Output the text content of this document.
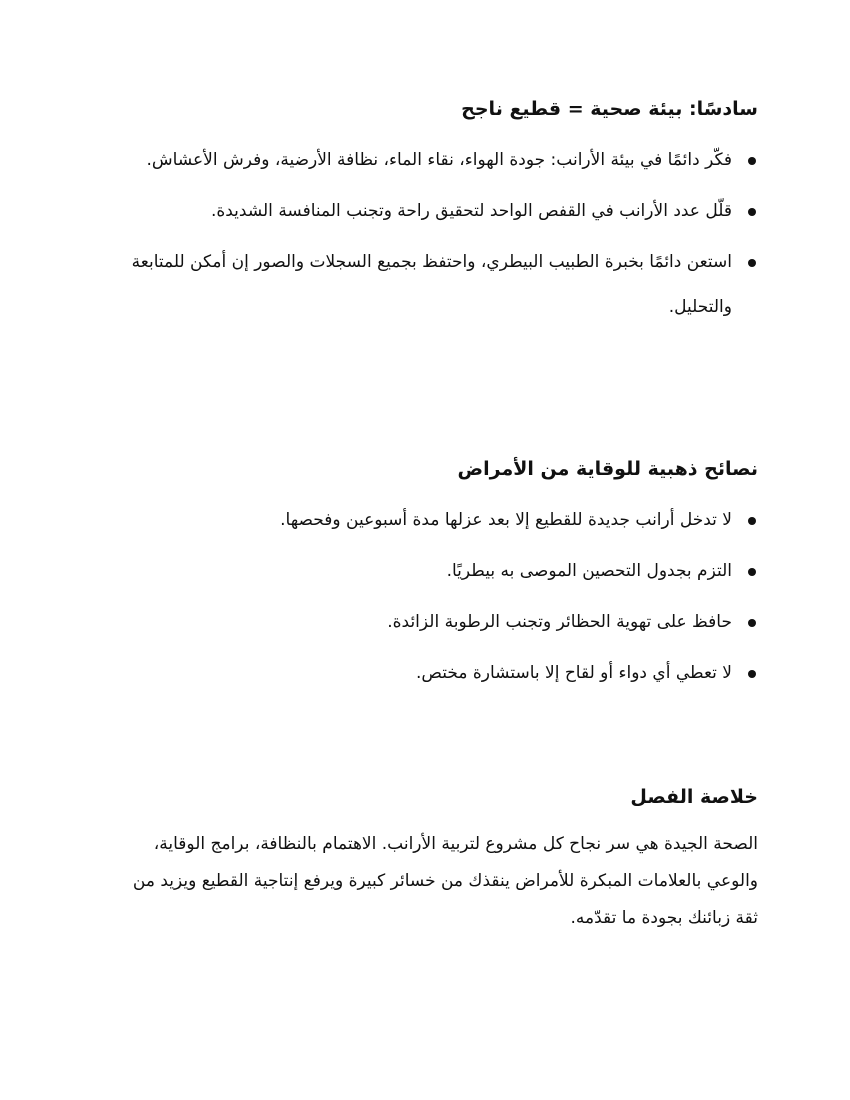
سادسًا: بيئة صحية = قطيع ناجح
فكّر دائمًا في بيئة الأرانب: جودة الهواء، نقاء الماء، نظافة الأرضية، وفرش الأعشاش.
قلّل عدد الأرانب في القفص الواحد لتحقيق راحة وتجنب المنافسة الشديدة.
استعن دائمًا بخبرة الطبيب البيطري، واحتفظ بجميع السجلات والصور إن أمكن للمتابعة والتحليل.
نصائح ذهبية للوقاية من الأمراض
لا تدخل أرانب جديدة للقطيع إلا بعد عزلها مدة أسبوعين وفحصها.
التزم بجدول التحصين الموصى به بيطريًا.
حافظ على تهوية الحظائر وتجنب الرطوبة الزائدة.
لا تعطي أي دواء أو لقاح إلا باستشارة مختص.
خلاصة الفصل

الصحة الجيدة هي سر نجاح كل مشروع لتربية الأرانب. الاهتمام بالنظافة، برامج الوقاية، والوعي بالعلامات المبكرة للأمراض ينقذك من خسائر كبيرة ويرفع إنتاجية القطيع ويزيد من ثقة زبائنك بجودة ما تقدّمه.
